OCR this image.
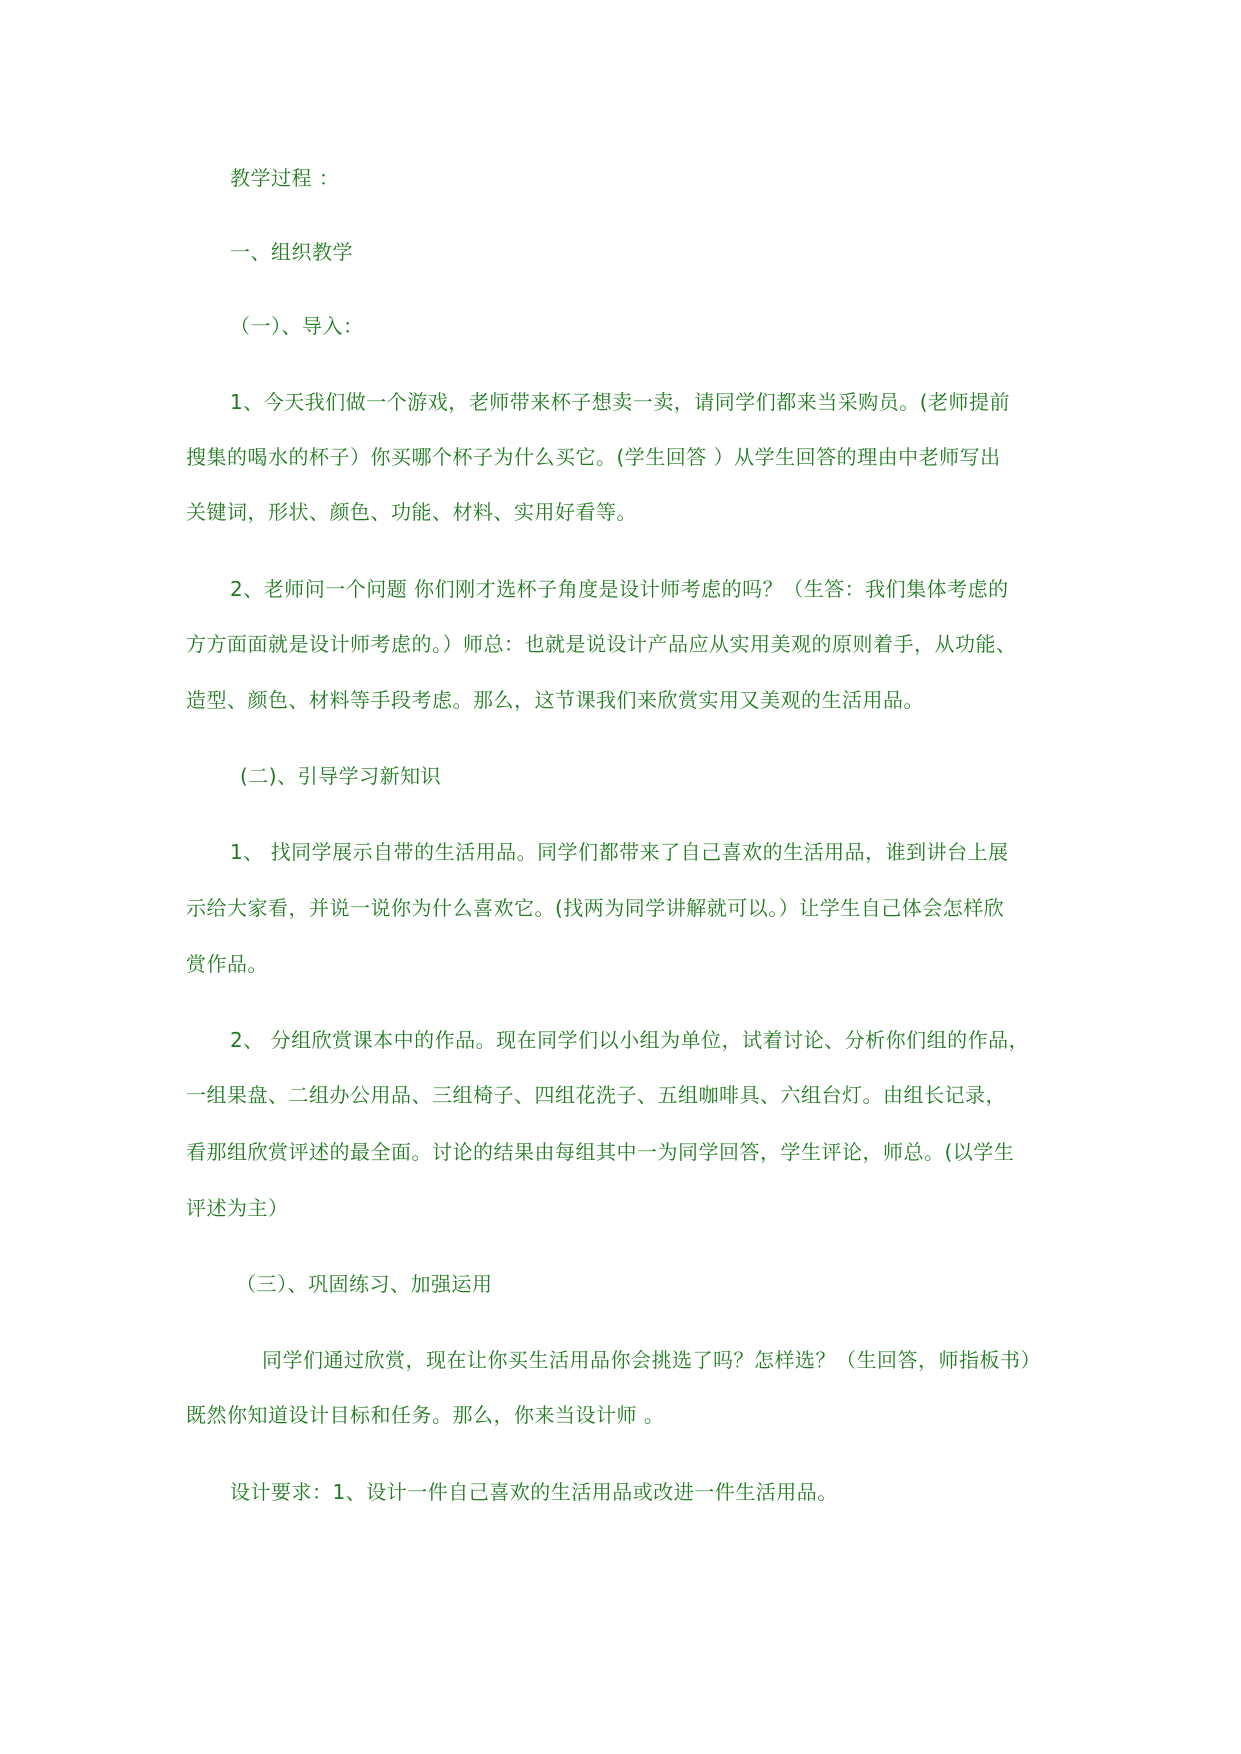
教学过程 ：
一、组织教学
（一）、导入：
1、今天我们做一个游戏，老师带来杯子想卖一卖，请同学们都来当采购员。(老师提前
搜集的喝水的杯子）你买哪个杯子为什么买它。(学生回答 ）从学生回答的理由中老师写出
关键词，形状、颜色、功能、材料、实用好看等。
2、老师问一个问题 你们刚才选杯子角度是设计师考虑的吗？（生答：我们集体考虑的
方方面面就是设计师考虑的。）师总：也就是说设计产品应从实用美观的原则着手，从功能、
造型、颜色、材料等手段考虑。那么，这节课我们来欣赏实用又美观的生活用品。
(二)、引导学习新知识
1、 找同学展示自带的生活用品。同学们都带来了自己喜欢的生活用品，谁到讲台上展
示给大家看，并说一说你为什么喜欢它。(找两为同学讲解就可以。）让学生自己体会怎样欣
赏作品。
2、 分组欣赏课本中的作品。现在同学们以小组为单位，试着讨论、分析你们组的作品，
一组果盘、二组办公用品、三组椅子、四组花洗子、五组咖啡具、六组台灯。由组长记录，
看那组欣赏评述的最全面。讨论的结果由每组其中一为同学回答，学生评论，师总。(以学生
评述为主）
（三）、巩固练习、加强运用
同学们通过欣赏，现在让你买生活用品你会挑选了吗？怎样选？（生回答，师指板书）
既然你知道设计目标和任务。那么，你来当设计师 。
设计要求：1、设计一件自己喜欢的生活用品或改进一件生活用品。
